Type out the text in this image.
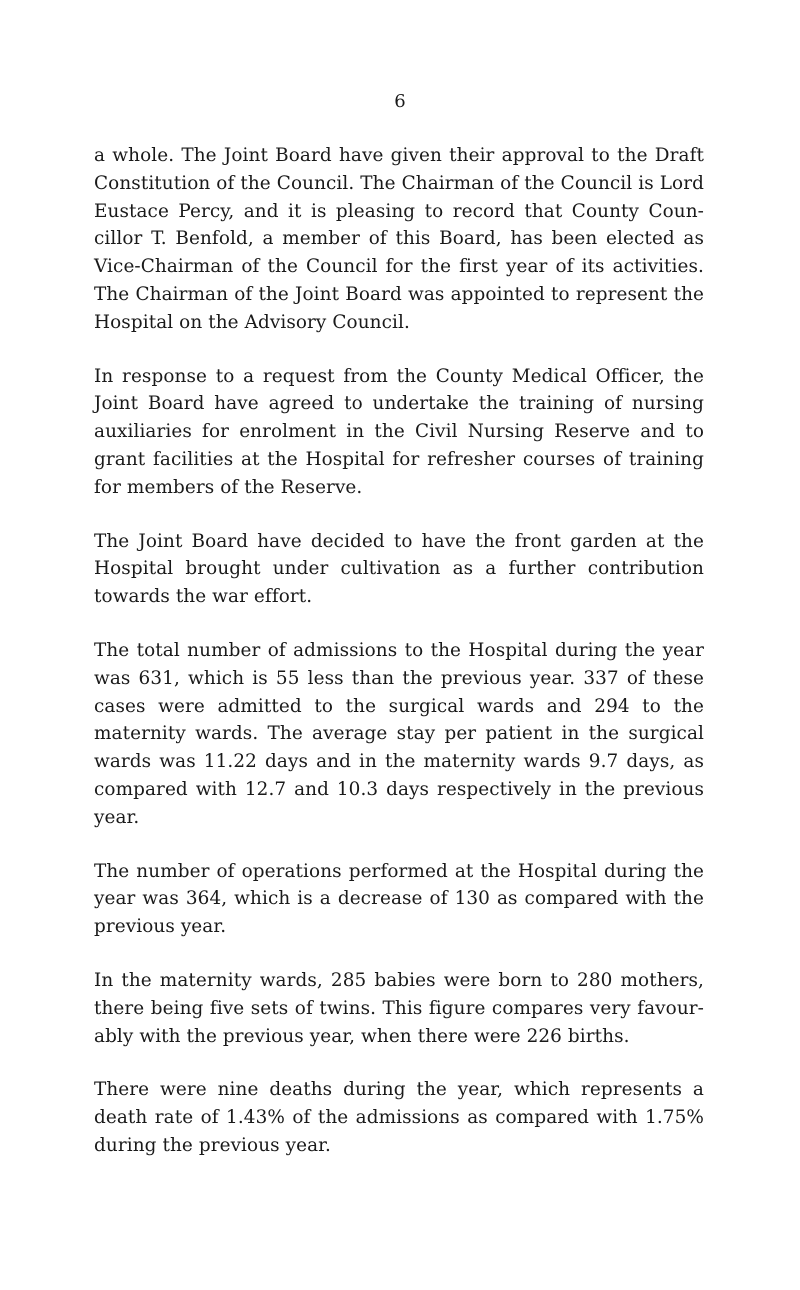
6

a whole. The Joint Board have given their approval to the Draft Constitution of the Council. The Chairman of the Council is Lord Eustace Percy, and it is pleasing to record that County Coun-cillor T. Benfold, a member of this Board, has been elected as Vice-Chairman of the Council for the first year of its activities. The Chairman of the Joint Board was appointed to represent the Hospital on the Advisory Council.

In response to a request from the County Medical Officer, the Joint Board have agreed to undertake the training of nursing auxiliaries for enrolment in the Civil Nursing Reserve and to grant facilities at the Hospital for refresher courses of training for members of the Reserve.

The Joint Board have decided to have the front garden at the Hospital brought under cultivation as a further contribution towards the war effort.

The total number of admissions to the Hospital during the year was 631, which is 55 less than the previous year. 337 of these cases were admitted to the surgical wards and 294 to the maternity wards. The average stay per patient in the surgical wards was 11.22 days and in the maternity wards 9.7 days, as compared with 12.7 and 10.3 days respectively in the previous year.

The number of operations performed at the Hospital during the year was 364, which is a decrease of 130 as compared with the previous year.

In the maternity wards, 285 babies were born to 280 mothers, there being five sets of twins. This figure compares very favour-ably with the previous year, when there were 226 births.

There were nine deaths during the year, which represents a death rate of 1.43% of the admissions as compared with 1.75% during the previous year.
